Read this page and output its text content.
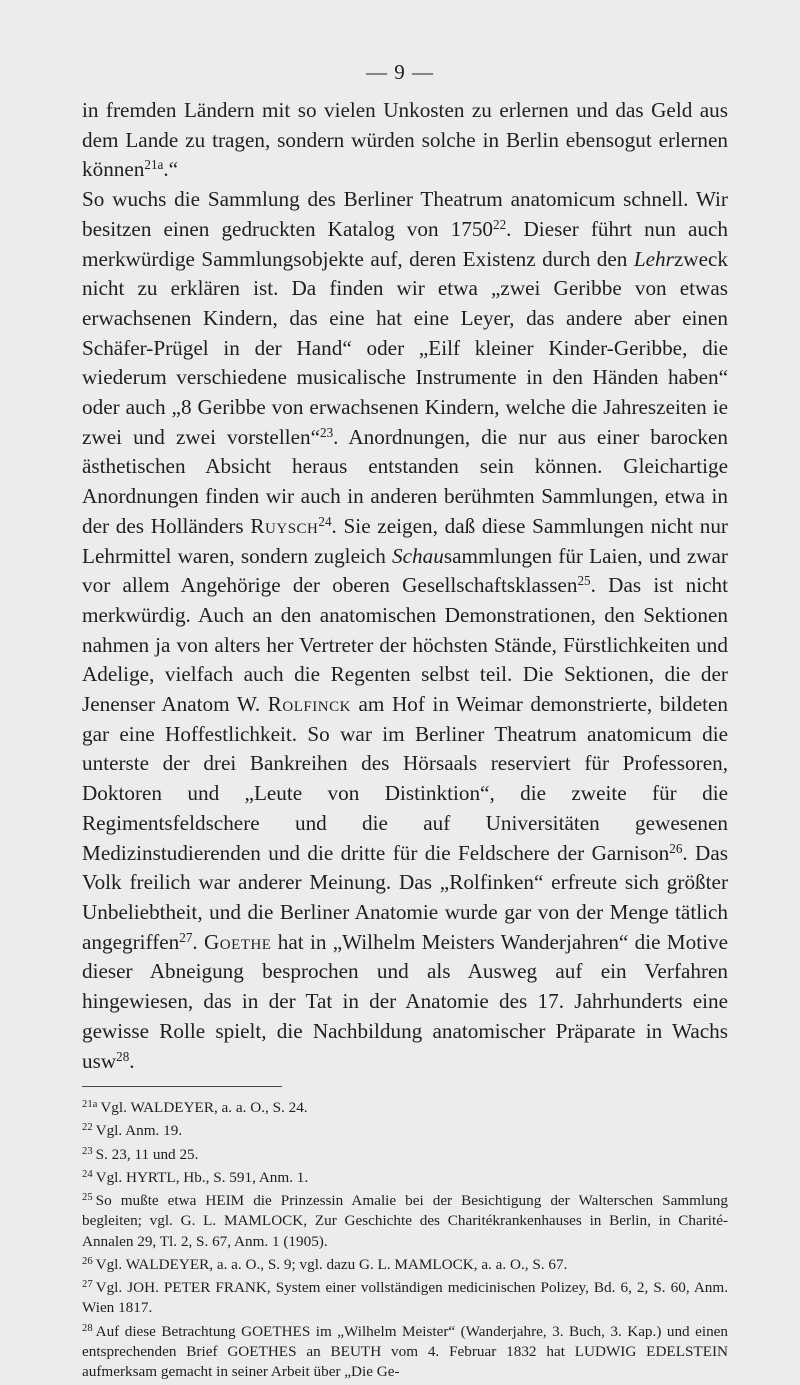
— 9 —

in fremden Ländern mit so vielen Unkosten zu erlernen und das Geld aus dem Lande zu tragen, sondern würden solche in Berlin ebensogut erlernen können$^{21a}$.“

So wuchs die Sammlung des Berliner Theatrum anatomicum schnell. Wir besitzen einen gedruckten Katalog von 1750$^{22}$. Dieser führt nun auch merkwürdige Sammlungsobjekte auf, deren Existenz durch den Lehrzweck nicht zu erklären ist. Da finden wir etwa „zwei Geribbe von etwas erwachsenen Kindern, das eine hat eine Leyer, das andere aber einen Schäfer-Prügel in der Hand“ oder „Eilf kleiner Kinder-Geribbe, die wiederum verschiedene musicalische Instrumente in den Händen haben“ oder auch „8 Geribbe von erwachsenen Kindern, welche die Jahreszeiten ie zwei und zwei vorstellen“$^{23}$. Anordnungen, die nur aus einer barocken ästhetischen Absicht heraus entstanden sein können. Gleichartige Anordnungen finden wir auch in anderen berühmten Sammlungen, etwa in der des Holländers Ruysch$^{24}$. Sie zeigen, daß diese Sammlungen nicht nur Lehrmittel waren, sondern zugleich Schausammlungen für Laien, und zwar vor allem Angehörige der oberen Gesellschaftsklassen$^{25}$. Das ist nicht merkwürdig. Auch an den anatomischen Demonstrationen, den Sektionen nahmen ja von alters her Vertreter der höchsten Stände, Fürstlichkeiten und Adelige, vielfach auch die Regenten selbst teil. Die Sektionen, die der Jenenser Anatom W. Rolfinck am Hof in Weimar demonstrierte, bildeten gar eine Hoffestlichkeit. So war im Berliner Theatrum anatomicum die unterste der drei Bankreihen des Hörsaals reserviert für Professoren, Doktoren und „Leute von Distinktion“, die zweite für die Regimentsfeldschere und die auf Universitäten gewesenen Medizinstudierenden und die dritte für die Feldschere der Garnison$^{26}$. Das Volk freilich war anderer Meinung. Das „Rolfinken“ erfreute sich größter Unbeliebtheit, und die Berliner Anatomie wurde gar von der Menge tätlich angegriffen$^{27}$. Goethe hat in „Wilhelm Meisters Wanderjahren“ die Motive dieser Abneigung besprochen und als Ausweg auf ein Verfahren hingewiesen, das in der Tat in der Anatomie des 17. Jahrhunderts eine gewisse Rolle spielt, die Nachbildung anatomischer Präparate in Wachs usw$^{28}$.

$^{21a}$ Vgl. WALDEYER, a. a. O., S. 24.

$^{22}$ Vgl. Anm. 19.

$^{23}$ S. 23, 11 und 25.

$^{24}$ Vgl. HYRTL, Hb., S. 591, Anm. 1.

$^{25}$ So mußte etwa HEIM die Prinzessin Amalie bei der Besichtigung der Walterschen Sammlung begleiten; vgl. G. L. MAMLOCK, Zur Geschichte des Charitékrankenhauses in Berlin, in Charité-Annalen 29, Tl. 2, S. 67, Anm. 1 (1905).

$^{26}$ Vgl. WALDEYER, a. a. O., S. 9; vgl. dazu G. L. MAMLOCK, a. a. O., S. 67.

$^{27}$ Vgl. JOH. PETER FRANK, System einer vollständigen medicinischen Polizey, Bd. 6, 2, S. 60, Anm. Wien 1817.

$^{28}$ Auf diese Betrachtung GOETHES im „Wilhelm Meister“ (Wanderjahre, 3. Buch, 3. Kap.) und einen entsprechenden Brief GOETHES an BEUTH vom 4. Februar 1832 hat LUDWIG EDELSTEIN aufmerksam gemacht in seiner Arbeit über „Die Ge-
